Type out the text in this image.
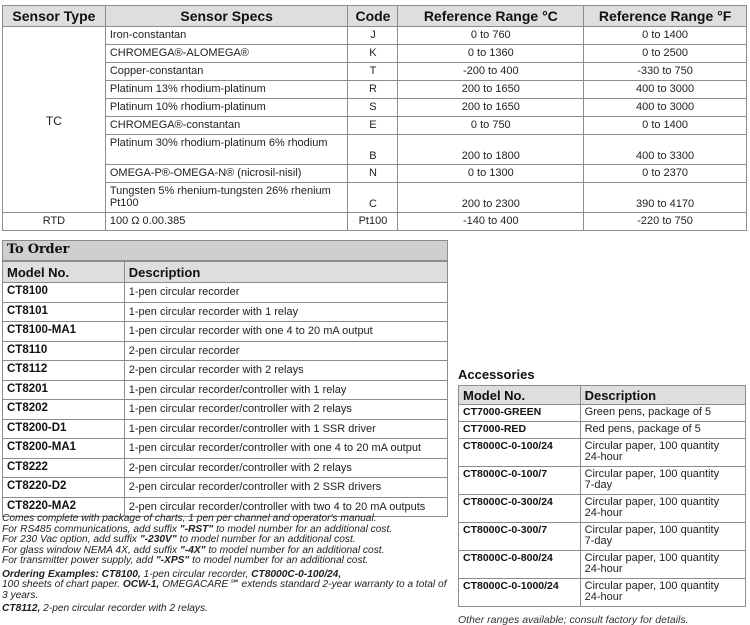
Sensor Type	Sensor Specs	Code	Reference Range °C	Reference Range °F
TC	Iron-constantan	J	0 to 760	0 to 1400
	CHROMEGA®-ALOMEGA®	K	0 to 1360	0 to 2500
	Copper-constantan	T	-200 to 400	-330 to 750
	Platinum 13% rhodium-platinum	R	200 to 1650	400 to 3000
	Platinum 10% rhodium-platinum	S	200 to 1650	400 to 3000
	CHROMEGA®-constantan	E	0 to 750	0 to 1400
	Platinum 30% rhodium-platinum 6% rhodium	B	200 to 1800	400 to 3300
	OMEGA-P®-OMEGA-N® (nicrosil-nisil)	N	0 to 1300	0 to 2370
	Tungsten 5% rhenium-tungsten 26% rhenium Pt100	C	200 to 2300	390 to 4170
RTD	100 Ω 0.00.385	Pt100	-140 to 400	-220 to 750
To Order
Model No.	Description
CT8100	1-pen circular recorder
CT8101	1-pen circular recorder with 1 relay
CT8100-MA1	1-pen circular recorder with one 4 to 20 mA output
CT8110	2-pen circular recorder
CT8112	2-pen circular recorder with 2 relays
CT8201	1-pen circular recorder/controller with 1 relay
CT8202	1-pen circular recorder/controller with 2 relays
CT8200-D1	1-pen circular recorder/controller with 1 SSR driver
CT8200-MA1	1-pen circular recorder/controller with one 4 to 20 mA output
CT8222	2-pen circular recorder/controller with 2 relays
CT8220-D2	2-pen circular recorder/controller with 2 SSR drivers
CT8220-MA2	2-pen circular recorder/controller with two 4 to 20 mA outputs

Comes complete with package of charts, 1 pen per channel and operator's manual.

For RS485 communications, add suffix "-RST" to model number for an additional cost.

For 230 Vac option, add suffix "-230V" to model number for an additional cost.

For glass window NEMA 4X, add suffix "-4X" to model number for an additional cost.

For transmitter power supply, add "-XPS" to model number for an additional cost.

Ordering Examples: CT8100, 1-pen circular recorder, CT8000C-0-100/24,
100 sheets of chart paper. OCW-1, OMEGACARE℠ extends standard 2-year warranty to a total of 3 years.

CT8112, 2-pen circular recorder with 2 relays.

Accessories
Model No.	Description
CT7000-GREEN	Green pens, package of 5
CT7000-RED	Red pens, package of 5
CT8000C-0-100/24	Circular paper, 100 quantity
24-hour

CT8000C-0-100/7	Circular paper, 100 quantity
7-day

CT8000C-0-300/24	Circular paper, 100 quantity
24-hour

CT8000C-0-300/7	Circular paper, 100 quantity
7-day

CT8000C-0-800/24	Circular paper, 100 quantity
24-hour

CT8000C-0-1000/24	Circular paper, 100 quantity
24-hour
Other ranges available; consult factory for details.
